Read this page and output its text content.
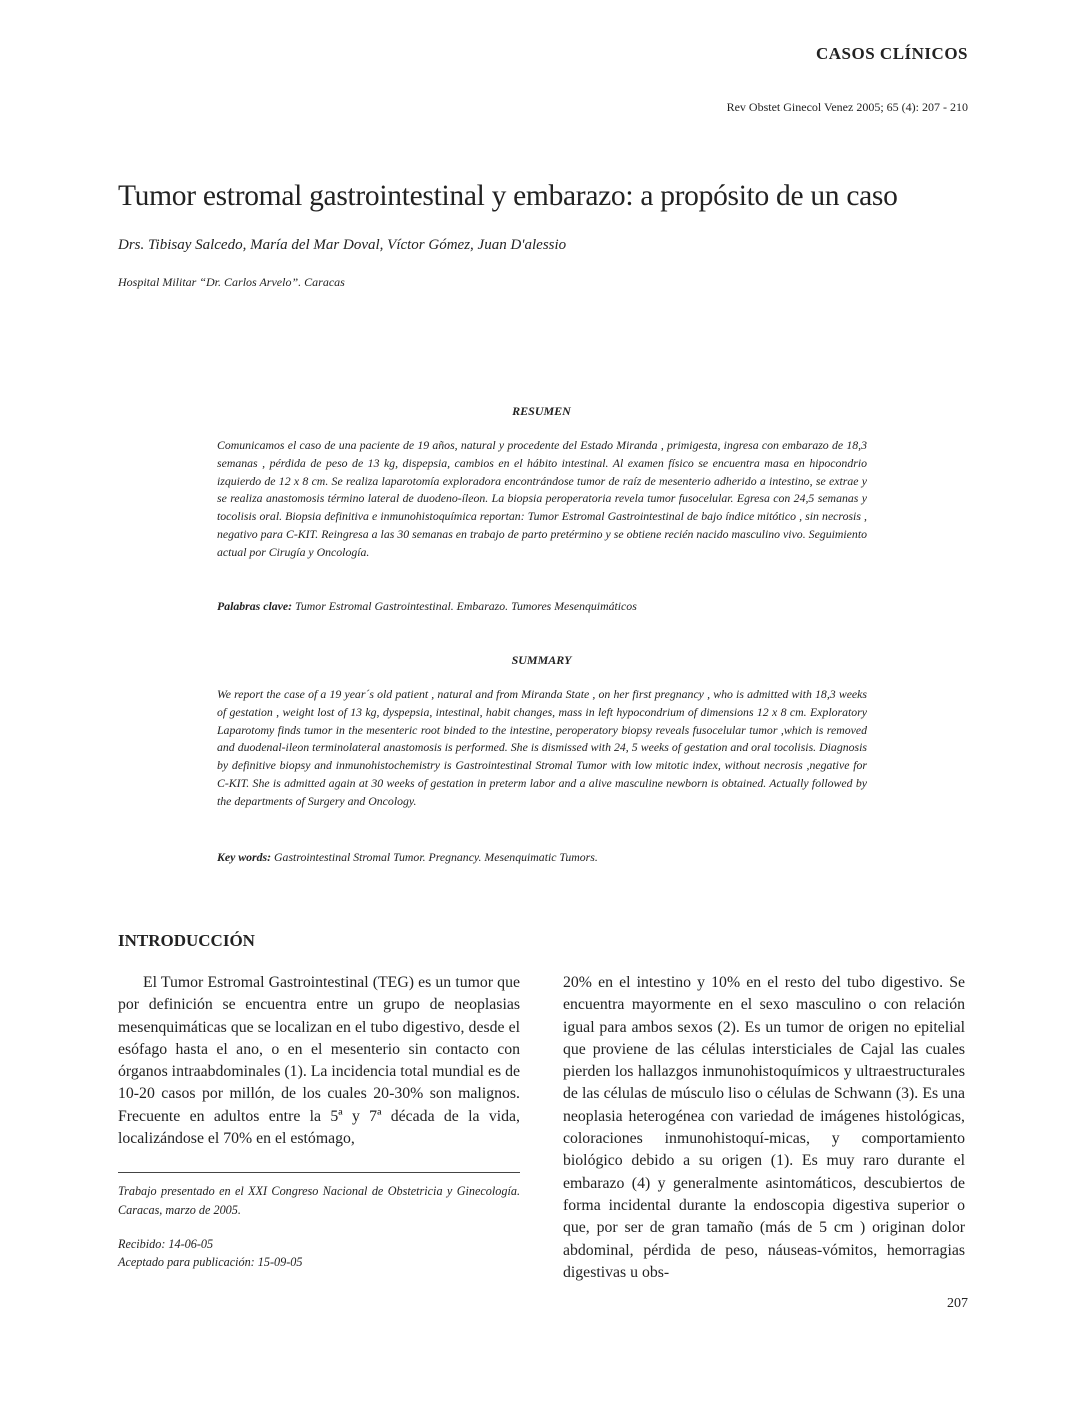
CASOS CLÍNICOS
Rev Obstet Ginecol Venez 2005; 65 (4): 207 - 210
Tumor estromal gastrointestinal y embarazo: a propósito de un caso
Drs. Tibisay Salcedo, María del Mar Doval, Víctor Gómez, Juan D'alessio
Hospital Militar “Dr. Carlos Arvelo”. Caracas
RESUMEN
Comunicamos el caso de una paciente de 19 años, natural y procedente del Estado Miranda , primigesta, ingresa con embarazo de 18,3 semanas , pérdida de peso de 13 kg, dispepsia, cambios en el hábito intestinal. Al examen físico se encuentra masa en hipocondrio izquierdo de 12 x 8 cm. Se realiza laparotomía exploradora encontrándose tumor de raíz de mesenterio adherido a intestino, se extrae y se realiza anastomosis término lateral de duodeno-íleon. La biopsia peroperatoria revela tumor fusocelular. Egresa con 24,5 semanas y tocolisis oral. Biopsia definitiva e inmunohistoquímica reportan: Tumor Estromal Gastrointestinal de bajo índice mitótico , sin necrosis , negativo para C-KIT. Reingresa a las 30 semanas en trabajo de parto pretérmino y se obtiene recién nacido masculino vivo. Seguimiento actual por Cirugía y Oncología.
Palabras clave: Tumor Estromal Gastrointestinal. Embarazo. Tumores Mesenquimáticos
SUMMARY
We report the case of a 19 year´s old patient , natural and from Miranda State , on her first pregnancy , who is admitted with 18,3 weeks of gestation , weight lost of 13 kg, dyspepsia, intestinal, habit changes, mass in left hypocondrium of dimensions 12 x 8 cm. Exploratory Laparotomy finds tumor in the mesenteric root binded to the intestine, peroperatory biopsy reveals fusocelular tumor ,which is removed and duodenal-ileon terminolateral anastomosis is performed. She is dismissed with 24, 5 weeks of gestation and oral tocolisis. Diagnosis by definitive biopsy and inmunohistochemistry is Gastrointestinal Stromal Tumor with low mitotic index, without necrosis ,negative for C-KIT. She is admitted again at 30 weeks of gestation in preterm labor and a alive masculine newborn is obtained. Actually followed by the departments of Surgery and Oncology.
Key words: Gastrointestinal Stromal Tumor. Pregnancy. Mesenquimatic Tumors.
INTRODUCCIÓN
El Tumor Estromal Gastrointestinal (TEG) es un tumor que por definición se encuentra entre un grupo de neoplasias mesenquimáticas que se localizan en el tubo digestivo, desde el esófago hasta el ano, o en el mesenterio sin contacto con órganos intraabdominales (1). La incidencia total mundial es de 10-20 casos por millón, de los cuales 20-30% son malignos. Frecuente en adultos entre la 5ª y 7ª década de la vida, localizándose el 70% en el estómago,
20% en el intestino y 10% en el resto del tubo digestivo. Se encuentra mayormente en el sexo masculino o con relación igual para ambos sexos (2). Es un tumor de origen no epitelial que proviene de las células intersticiales de Cajal las cuales pierden los hallazgos inmunohistoquímicos y ultraestructurales de las células de músculo liso o células de Schwann (3). Es una neoplasia heterogénea con variedad de imágenes histológicas, coloraciones inmunohistoquí-micas, y comportamiento biológico debido a su origen (1). Es muy raro durante el embarazo (4) y generalmente asintomáticos, descubiertos de forma incidental durante la endoscopia digestiva superior o que, por ser de gran tamaño (más de 5 cm ) originan dolor abdominal, pérdida de peso, náuseas-vómitos, hemorragias digestivas u obs-
Trabajo presentado en el XXI Congreso Nacional de Obstetricia y Ginecología. Caracas, marzo de 2005.
Recibido: 14-06-05
Aceptado para publicación: 15-09-05
207
